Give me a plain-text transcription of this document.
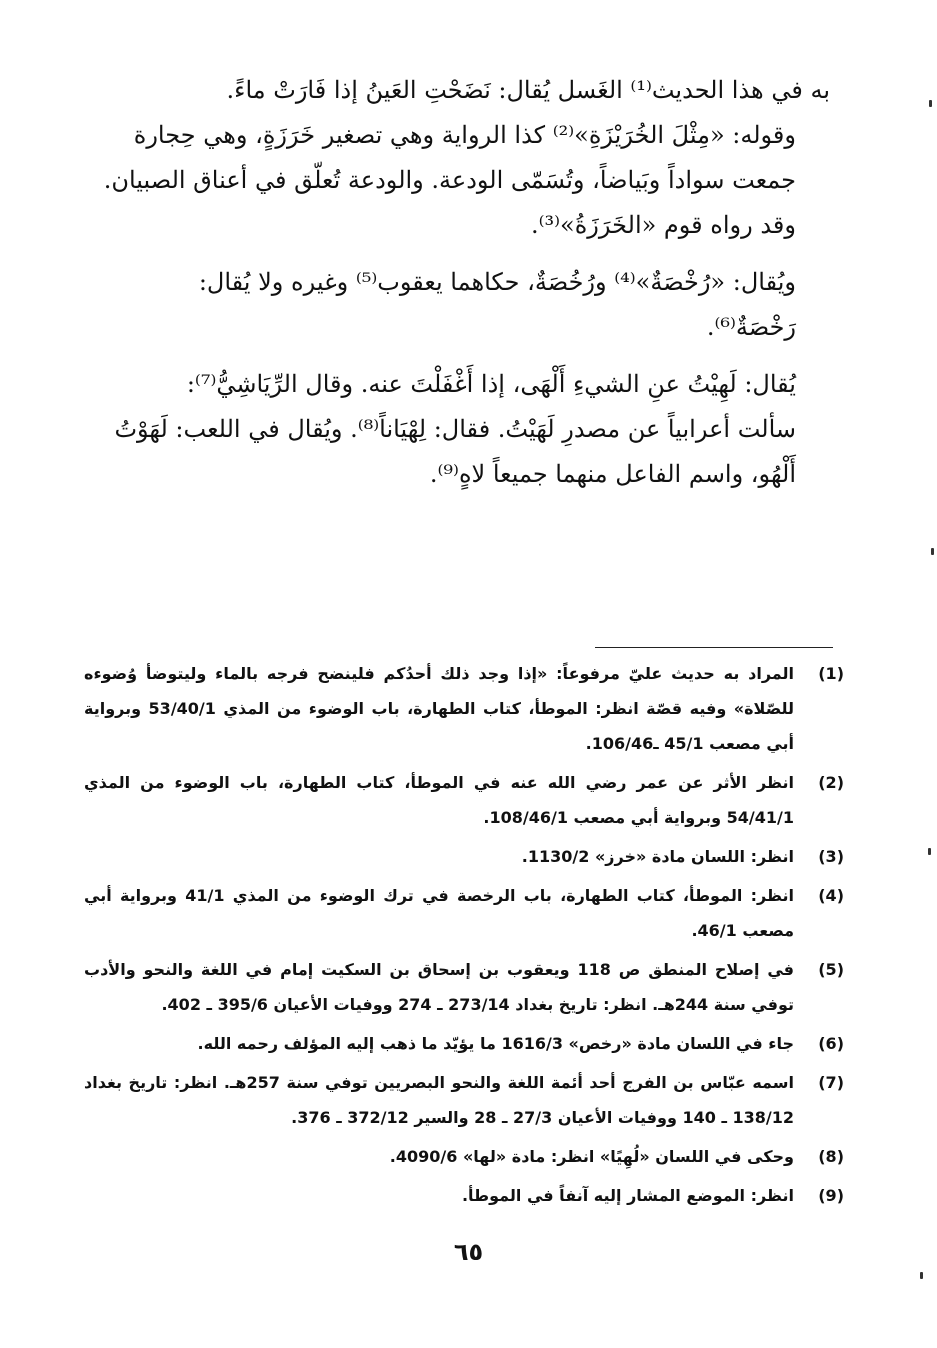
به في هذا الحديث⁽¹⁾ الغَسل يُقال: نَضَحْتِ العَينُ إذا فَارَتْ ماءً.

وقوله: «مِثْلَ الخُرَيْزَةِ»⁽²⁾ كذا الرواية وهي تصغير خَرَزَةٍ، وهي حِجارة
جمعت سواداً وبَياضاً، وتُسَمّى الودعة. والودعة تُعلّق في أعناق الصبيان.
وقد رواه قوم «الخَرَزَةُ»⁽³⁾.

ويُقال: «رُخْصَةٌ»⁽⁴⁾ ورُخُصَةٌ، حكاهما يعقوب⁽⁵⁾ وغيره ولا يُقال:
رَخْصَةٌ⁽⁶⁾.

يُقال: لَهِيْتُ عنِ الشيءِ أَلْهَى، إذا أَغْفَلْتَ عنه. وقال الرِّيَاشِيُّ⁽⁷⁾:
سألت أعرابياً عن مصدرِ لَهَيْتُ. فقال: لِهْيَاناً⁽⁸⁾. ويُقال في اللعب: لَهَوْتُ
أَلْهُو، واسم الفاعل منهما جميعاً لاهٍ⁽⁹⁾.

(1)
المراد به حديث عليّ مرفوعاً: «إذا وجد ذلك أحدُكم فلينضح فرجه بالماء وليتوضأ وُضوءه للصّلاة» وفيه قصّة انظر: الموطأ، كتاب الطهارة، باب الوضوء من المذي 53/40/1 وبرواية أبي مصعب 45/1 ـ106/46.
(2)
انظر الأثر عن عمر رضي الله عنه في الموطأ، كتاب الطهارة، باب الوضوء من المذي 54/41/1 وبرواية أبي مصعب 108/46/1.
(3)
انظر: اللسان مادة «خرز» 1130/2.
(4)
انظر: الموطأ، كتاب الطهارة، باب الرخصة في ترك الوضوء من المذي 41/1 وبرواية أبي مصعب 46/1.
(5)
في إصلاح المنطق ص 118 ويعقوب بن إسحاق بن السكيت إمام في اللغة والنحو والأدب توفي سنة 244هـ. انظر: تاريخ بغداد 273/14 ـ 274 ووفيات الأعيان 395/6 ـ 402.
(6)
جاء في اللسان مادة «رخص» 1616/3 ما يؤيّد ما ذهب إليه المؤلف رحمه الله.
(7)
اسمه عبّاس بن الفرج أحد أئمة اللغة والنحو البصريين توفي سنة 257هـ. انظر: تاريخ بغداد 138/12 ـ 140 ووفيات الأعيان 27/3 ـ 28 والسير 372/12 ـ 376.
(8)
وحكى في اللسان «لُهِيًا» انظر: مادة «لها» 4090/6.
(9)
انظر: الموضع المشار إليه آنفاً في الموطأ.
٦٥
